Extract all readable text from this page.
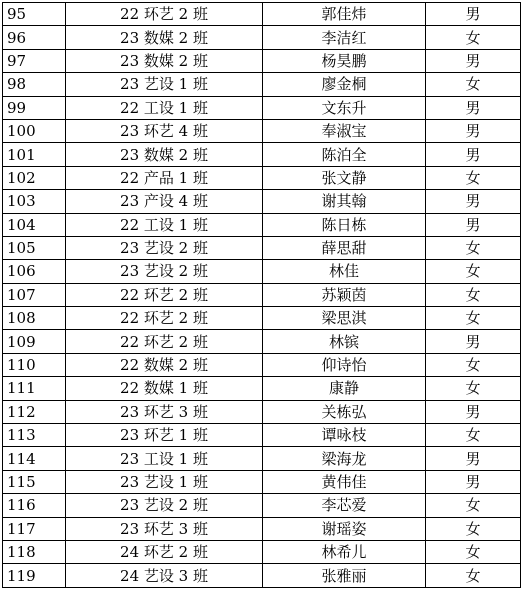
95	22 环艺 2 班	郭佳炜	男
96	23 数媒 2 班	李洁红	女
97	23 数媒 2 班	杨昊鹏	男
98	23 艺设 1 班	廖金桐	女
99	22 工设 1 班	文东升	男
100	23 环艺 4 班	奉淑宝	男
101	23 数媒 2 班	陈泊全	男
102	22 产品 1 班	张文静	女
103	23 产设 4 班	谢其翰	男
104	22 工设 1 班	陈日栋	男
105	23 艺设 2 班	薛思甜	女
106	23 艺设 2 班	林佳	女
107	22 环艺 2 班	苏颖茵	女
108	22 环艺 2 班	梁思淇	女
109	22 环艺 2 班	林镔	男
110	22 数媒 2 班	仰诗怡	女
111	22 数媒 1 班	康静	女
112	23 环艺 3 班	关栋弘	男
113	23 环艺 1 班	谭咏枝	女
114	23 工设 1 班	梁海龙	男
115	23 艺设 1 班	黄伟佳	男
116	23 艺设 2 班	李芯爱	女
117	23 环艺 3 班	谢瑶姿	女
118	24 环艺 2 班	林希儿	女
119	24 艺设 3 班	张雅丽	女
